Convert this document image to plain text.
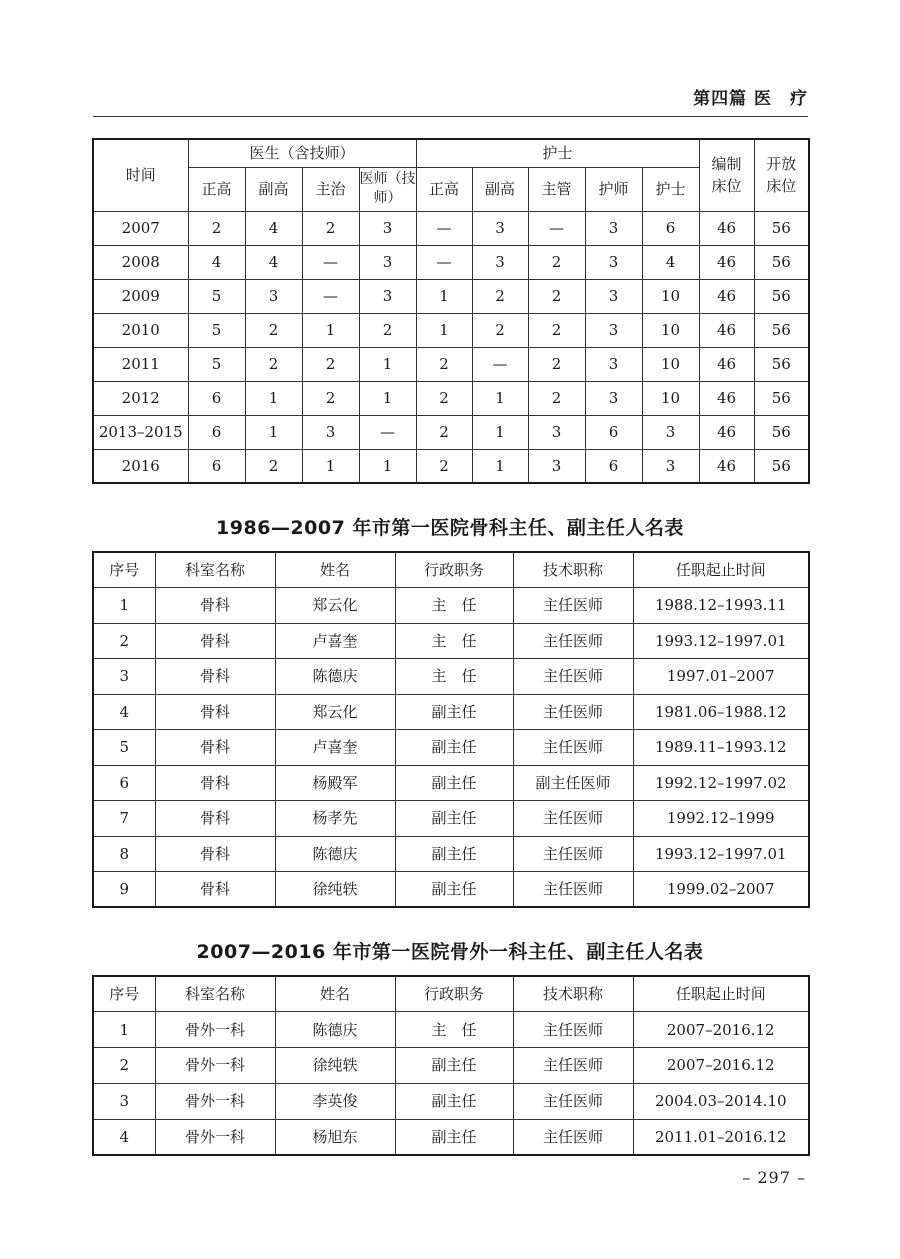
第四篇 医　疗
时间	医生（含技师）				护士					编制床位	开放床位
	正高	副高	主治	医师（技师）	正高	副高	主管	护师	护士		
2007	2	4	2	3	—	3	—	3	6	46	56
2008	4	4	—	3	—	3	2	3	4	46	56
2009	5	3	—	3	1	2	2	3	10	46	56
2010	5	2	1	2	1	2	2	3	10	46	56
2011	5	2	2	1	2	—	2	3	10	46	56
2012	6	1	2	1	2	1	2	3	10	46	56
2013–2015	6	1	3	—	2	1	3	6	3	46	56
2016	6	2	1	1	2	1	3	6	3	46	56
1986—2007 年市第一医院骨科主任、副主任人名表
序号	科室名称	姓名	行政职务	技术职称	任职起止时间
1	骨科	郑云化	主　任	主任医师	1988.12–1993.11
2	骨科	卢喜奎	主　任	主任医师	1993.12–1997.01
3	骨科	陈德庆	主　任	主任医师	1997.01–2007
4	骨科	郑云化	副主任	主任医师	1981.06–1988.12
5	骨科	卢喜奎	副主任	主任医师	1989.11–1993.12
6	骨科	杨殿军	副主任	副主任医师	1992.12–1997.02
7	骨科	杨孝先	副主任	主任医师	1992.12–1999
8	骨科	陈德庆	副主任	主任医师	1993.12–1997.01
9	骨科	徐纯轶	副主任	主任医师	1999.02–2007
2007—2016 年市第一医院骨外一科主任、副主任人名表
序号	科室名称	姓名	行政职务	技术职称	任职起止时间
1	骨外一科	陈德庆	主　任	主任医师	2007–2016.12
2	骨外一科	徐纯轶	副主任	主任医师	2007–2016.12
3	骨外一科	李英俊	副主任	主任医师	2004.03–2014.10
4	骨外一科	杨旭东	副主任	主任医师	2011.01–2016.12
– 297 –
